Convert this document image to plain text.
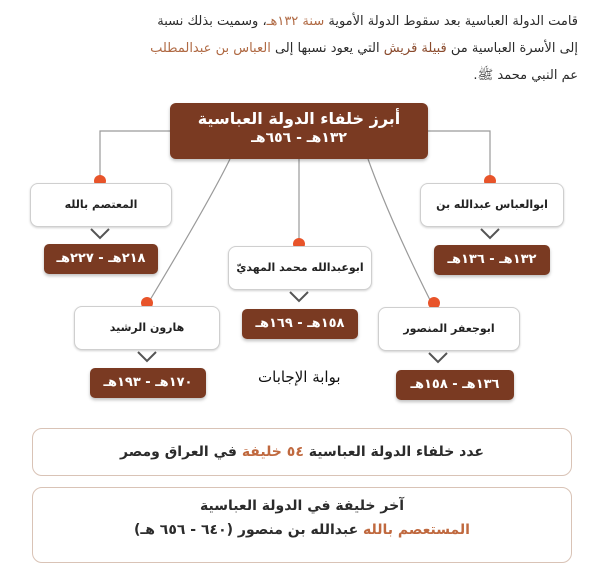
قامت الدولة العباسية بعد سقوط الدولة الأموية سنة ١٣٢هـ، وسميت بذلك نسبة
إلى الأسرة العباسية من قبيلة قريش التي يعود نسبها إلى العباس بن عبدالمطلب
عم النبي محمد ﷺ.
أبرز خلفاء الدولة العباسية
١٣٢هـ - ٦٥٦هـ
ابوالعباس عبدالله بن
١٣٢هـ - ١٣٦هـ
المعتصم بالله
٢١٨هـ - ٢٢٧هـ
ابوعبدالله محمد المهديّ
١٥٨هـ - ١٦٩هـ	ابوجعفر المنصور
١٣٦هـ - ١٥٨هـ
هارون الرشيد
١٧٠هـ - ١٩٣هـ	بوابة الإجابات
عدد خلفاء الدولة العباسية ٥٤ خليفة في العراق ومصر
آخر خليفة في الدولة العباسية
المستعصم بالله عبدالله بن منصور (٦٤٠ - ٦٥٦ هـ)
